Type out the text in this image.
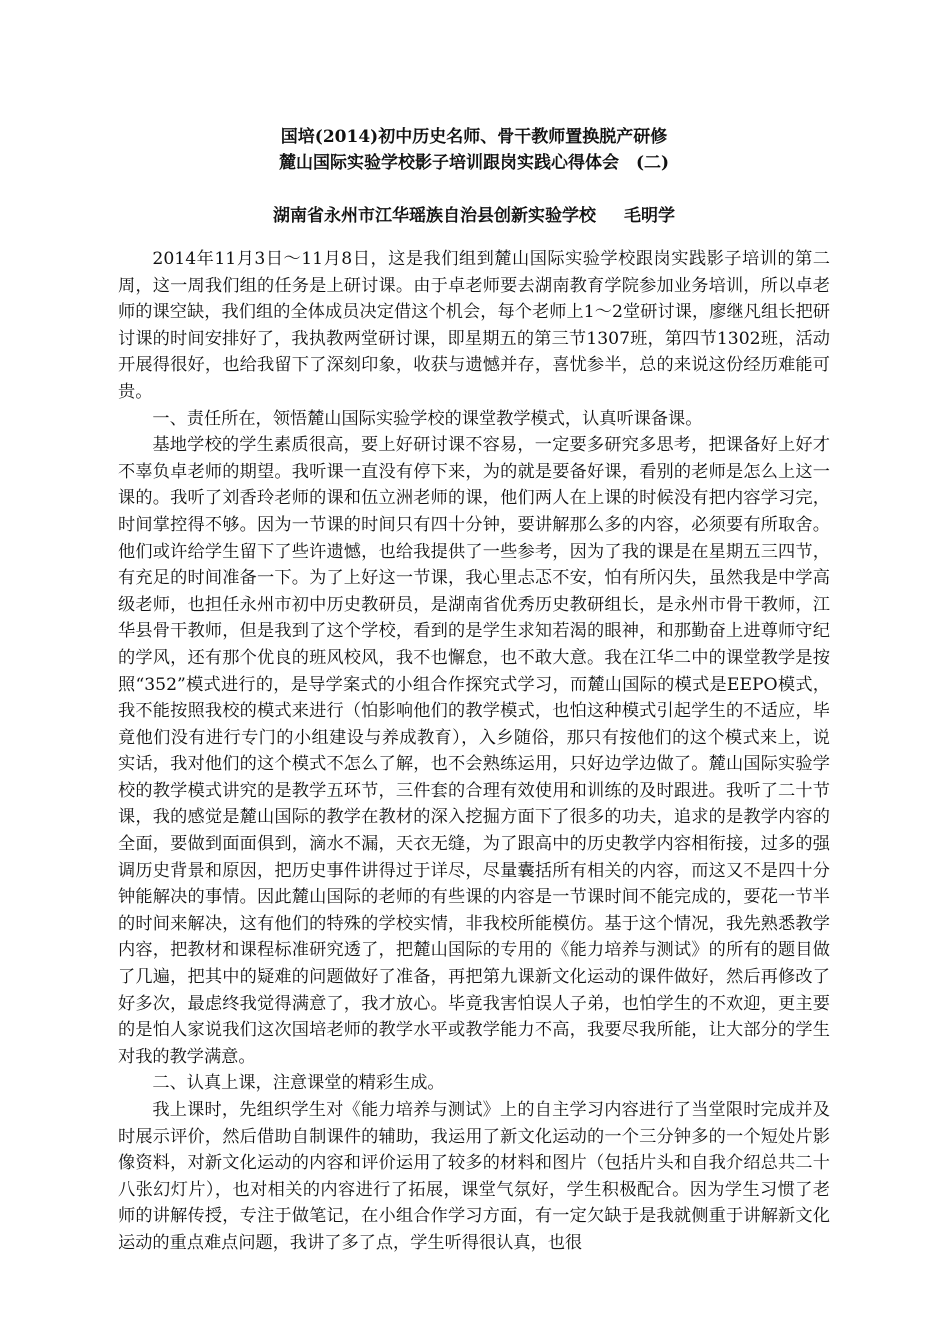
国培(2014)初中历史名师、骨干教师置换脱产研修
麓山国际实验学校影子培训跟岗实践心得体会　(二)
湖南省永州市江华瑶族自治县创新实验学校 毛明学

2014年11月3日～11月8日，这是我们组到麓山国际实验学校跟岗实践影子培训的第二周，这一周我们组的任务是上研讨课。由于卓老师要去湖南教育学院参加业务培训，所以卓老师的课空缺，我们组的全体成员决定借这个机会，每个老师上1～2堂研讨课，廖继凡组长把研讨课的时间安排好了，我执教两堂研讨课，即星期五的第三节1307班，第四节1302班，活动开展得很好，也给我留下了深刻印象，收获与遗憾并存，喜忧参半，总的来说这份经历难能可贵。

一、责任所在，领悟麓山国际实验学校的课堂教学模式，认真听课备课。

基地学校的学生素质很高，要上好研讨课不容易，一定要多研究多思考，把课备好上好才不辜负卓老师的期望。我听课一直没有停下来，为的就是要备好课，看别的老师是怎么上这一课的。我听了刘香玲老师的课和伍立洲老师的课，他们两人在上课的时候没有把内容学习完，时间掌控得不够。因为一节课的时间只有四十分钟，要讲解那么多的内容，必须要有所取舍。他们或许给学生留下了些许遗憾，也给我提供了一些参考，因为了我的课是在星期五三四节，有充足的时间准备一下。为了上好这一节课，我心里忐忑不安，怕有所闪失，虽然我是中学高级老师，也担任永州市初中历史教研员，是湖南省优秀历史教研组长，是永州市骨干教师，江华县骨干教师，但是我到了这个学校，看到的是学生求知若渴的眼神，和那勤奋上进尊师守纪的学风，还有那个优良的班风校风，我不也懈怠，也不敢大意。我在江华二中的课堂教学是按照“352”模式进行的，是导学案式的小组合作探究式学习，而麓山国际的模式是EEPO模式，我不能按照我校的模式来进行（怕影响他们的教学模式，也怕这种模式引起学生的不适应，毕竟他们没有进行专门的小组建设与养成教育），入乡随俗，那只有按他们的这个模式来上，说实话，我对他们的这个模式不怎么了解，也不会熟练运用，只好边学边做了。麓山国际实验学校的教学模式讲究的是教学五环节，三件套的合理有效使用和训练的及时跟进。我听了二十节课，我的感觉是麓山国际的教学在教材的深入挖掘方面下了很多的功夫，追求的是教学内容的全面，要做到面面俱到，滴水不漏，天衣无缝，为了跟高中的历史教学内容相衔接，过多的强调历史背景和原因，把历史事件讲得过于详尽，尽量囊括所有相关的内容，而这又不是四十分钟能解决的事情。因此麓山国际的老师的有些课的内容是一节课时间不能完成的，要花一节半的时间来解决，这有他们的特殊的学校实情，非我校所能模仿。基于这个情况，我先熟悉教学内容，把教材和课程标准研究透了，把麓山国际的专用的《能力培养与测试》的所有的题目做了几遍，把其中的疑难的问题做好了准备，再把第九课新文化运动的课件做好，然后再修改了好多次，最虑终我觉得满意了，我才放心。毕竟我害怕误人子弟，也怕学生的不欢迎，更主要的是怕人家说我们这次国培老师的教学水平或教学能力不高，我要尽我所能，让大部分的学生对我的教学满意。

二、认真上课，注意课堂的精彩生成。

我上课时，先组织学生对《能力培养与测试》上的自主学习内容进行了当堂限时完成并及时展示评价，然后借助自制课件的辅助，我运用了新文化运动的一个三分钟多的一个短处片影像资料，对新文化运动的内容和评价运用了较多的材料和图片（包括片头和自我介绍总共二十八张幻灯片），也对相关的内容进行了拓展，课堂气氛好，学生积极配合。因为学生习惯了老师的讲解传授，专注于做笔记，在小组合作学习方面，有一定欠缺于是我就侧重于讲解新文化运动的重点难点问题，我讲了多了点，学生听得很认真，也很
